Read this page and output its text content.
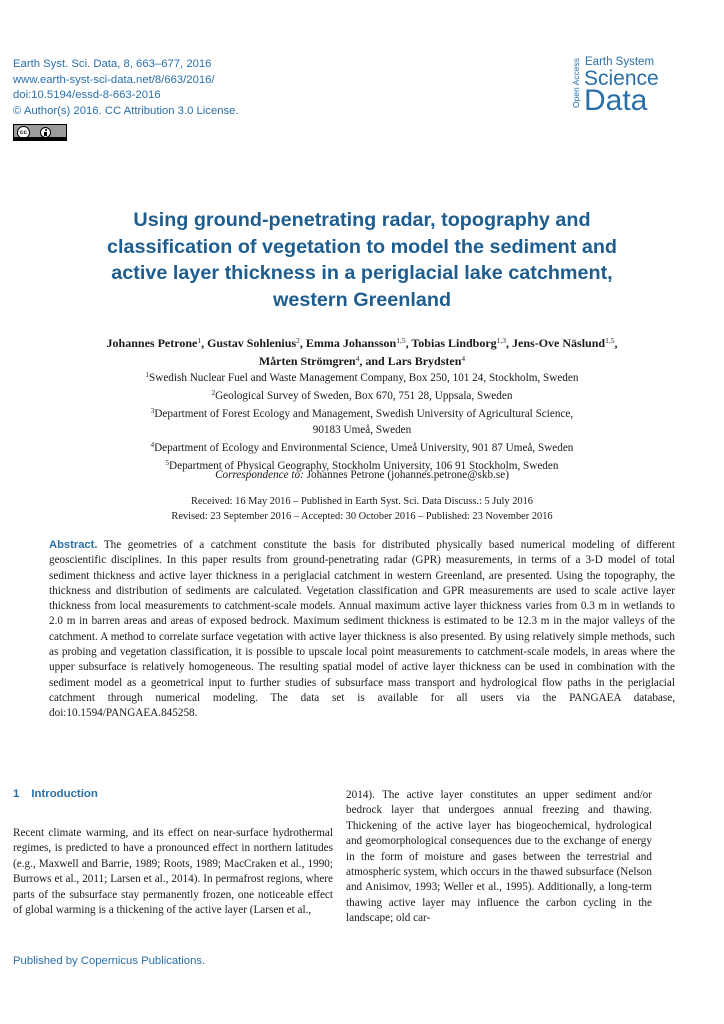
Earth Syst. Sci. Data, 8, 663–677, 2016
www.earth-syst-sci-data.net/8/663/2016/
doi:10.5194/essd-8-663-2016
© Author(s) 2016. CC Attribution 3.0 License.
cc
Open Access Earth System
Science
Data
Using ground-penetrating radar, topography and
classification of vegetation to model the sediment and
active layer thickness in a periglacial lake catchment,
western Greenland
Johannes Petrone$^1$, Gustav Sohlenius$^2$, Emma Johansson$^{1,5}$, Tobias Lindborg$^{1,3}$, Jens-Ove Näslund$^{1,5}$,
Mårten Strömgren$^4$, and Lars Brydsten$^4$
$^1$Swedish Nuclear Fuel and Waste Management Company, Box 250, 101 24, Stockholm, Sweden
$^2$Geological Survey of Sweden, Box 670, 751 28, Uppsala, Sweden
$^3$Department of Forest Ecology and Management, Swedish University of Agricultural Science,
90183 Umeå, Sweden
$^4$Department of Ecology and Environmental Science, Umeå University, 901 87 Umeå, Sweden
$^5$Department of Physical Geography, Stockholm University, 106 91 Stockholm, Sweden
Correspondence to: Johannes Petrone (johannes.petrone@skb.se)
Received: 16 May 2016 – Published in Earth Syst. Sci. Data Discuss.: 5 July 2016
Revised: 23 September 2016 – Accepted: 30 October 2016 – Published: 23 November 2016
Abstract. The geometries of a catchment constitute the basis for distributed physically based numerical modeling of different geoscientific disciplines. In this paper results from ground-penetrating radar (GPR) measurements, in terms of a 3-D model of total sediment thickness and active layer thickness in a periglacial catchment in western Greenland, are presented. Using the topography, the thickness and distribution of sediments are calculated. Vegetation classification and GPR measurements are used to scale active layer thickness from local measurements to catchment-scale models. Annual maximum active layer thickness varies from 0.3 m in wetlands to 2.0 m in barren areas and areas of exposed bedrock. Maximum sediment thickness is estimated to be 12.3 m in the major valleys of the catchment. A method to correlate surface vegetation with active layer thickness is also presented. By using relatively simple methods, such as probing and vegetation classification, it is possible to upscale local point measurements to catchment-scale models, in areas where the upper subsurface is relatively homogeneous. The resulting spatial model of active layer thickness can be used in combination with the sediment model as a geometrical input to further studies of subsurface mass transport and hydrological flow paths in the periglacial catchment through numerical modeling. The data set is available for all users via the PANGAEA database, doi:10.1594/PANGAEA.845258.
1 Introduction
Recent climate warming, and its effect on near-surface hydrothermal regimes, is predicted to have a pronounced effect in northern latitudes (e.g., Maxwell and Barrie, 1989; Roots, 1989; MacCraken et al., 1990; Burrows et al., 2011; Larsen et al., 2014). In permafrost regions, where parts of the subsurface stay permanently frozen, one noticeable effect of global warming is a thickening of the active layer (Larsen et al.,
2014). The active layer constitutes an upper sediment and/or bedrock layer that undergoes annual freezing and thawing. Thickening of the active layer has biogeochemical, hydrological and geomorphological consequences due to the exchange of energy in the form of moisture and gases between the terrestrial and atmospheric system, which occurs in the thawed subsurface (Nelson and Anisimov, 1993; Weller et al., 1995). Additionally, a long-term thawing active layer may influence the carbon cycling in the landscape; old car-
Published by Copernicus Publications.
